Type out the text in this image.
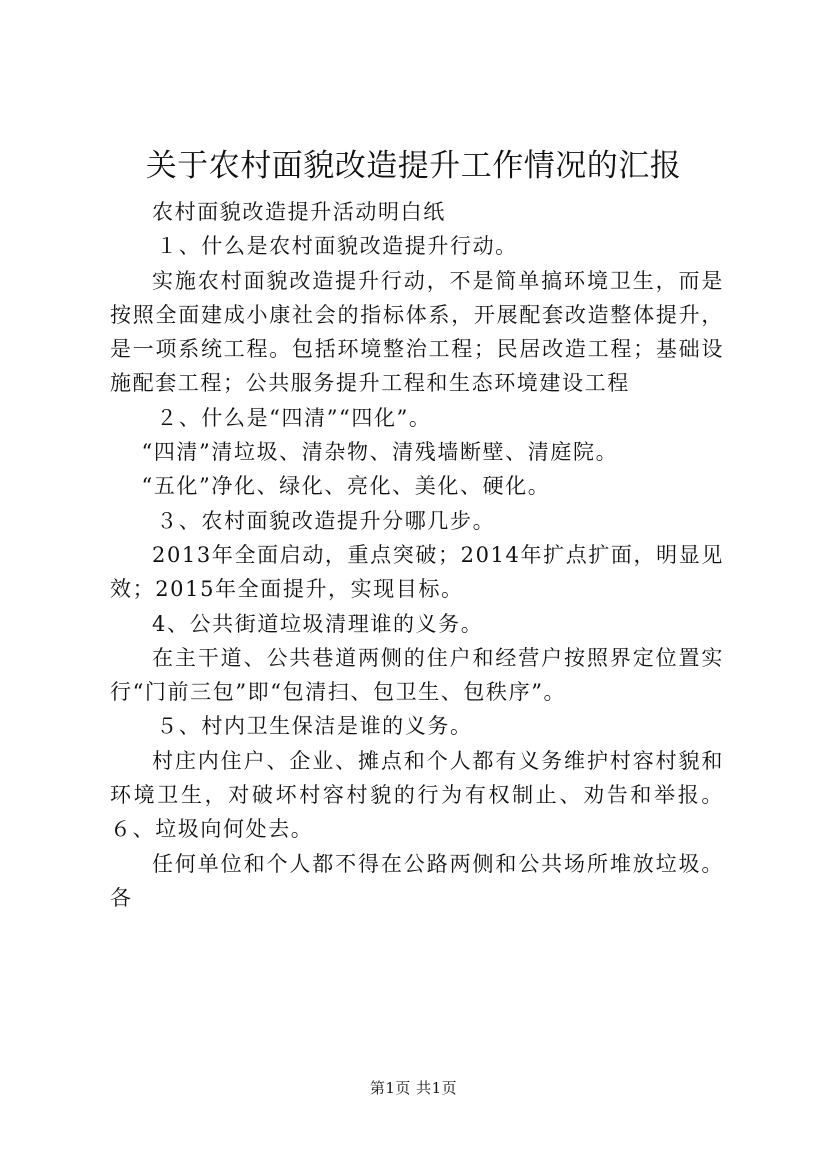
关于农村面貌改造提升工作情况的汇报

农村面貌改造提升活动明白纸

１、什么是农村面貌改造提升行动。

实施农村面貌改造提升行动，不是简单搞环境卫生，而是按照全面建成小康社会的指标体系，开展配套改造整体提升，是一项系统工程。包括环境整治工程；民居改造工程；基础设施配套工程；公共服务提升工程和生态环境建设工程

２、什么是“四清”“四化”。

“四清”清垃圾、清杂物、清残墙断壁、清庭院。

“五化”净化、绿化、亮化、美化、硬化。

３、农村面貌改造提升分哪几步。

2013年全面启动，重点突破；2014年扩点扩面，明显见效；2015年全面提升，实现目标。

4、公共街道垃圾清理谁的义务。

在主干道、公共巷道两侧的住户和经营户按照界定位置实行“门前三包”即“包清扫、包卫生、包秩序”。

５、村内卫生保洁是谁的义务。

村庄内住户、企业、摊点和个人都有义务维护村容村貌和环境卫生，对破坏村容村貌的行为有权制止、劝告和举报。６、垃圾向何处去。

任何单位和个人都不得在公路两侧和公共场所堆放垃圾。各

第1页 共1页
